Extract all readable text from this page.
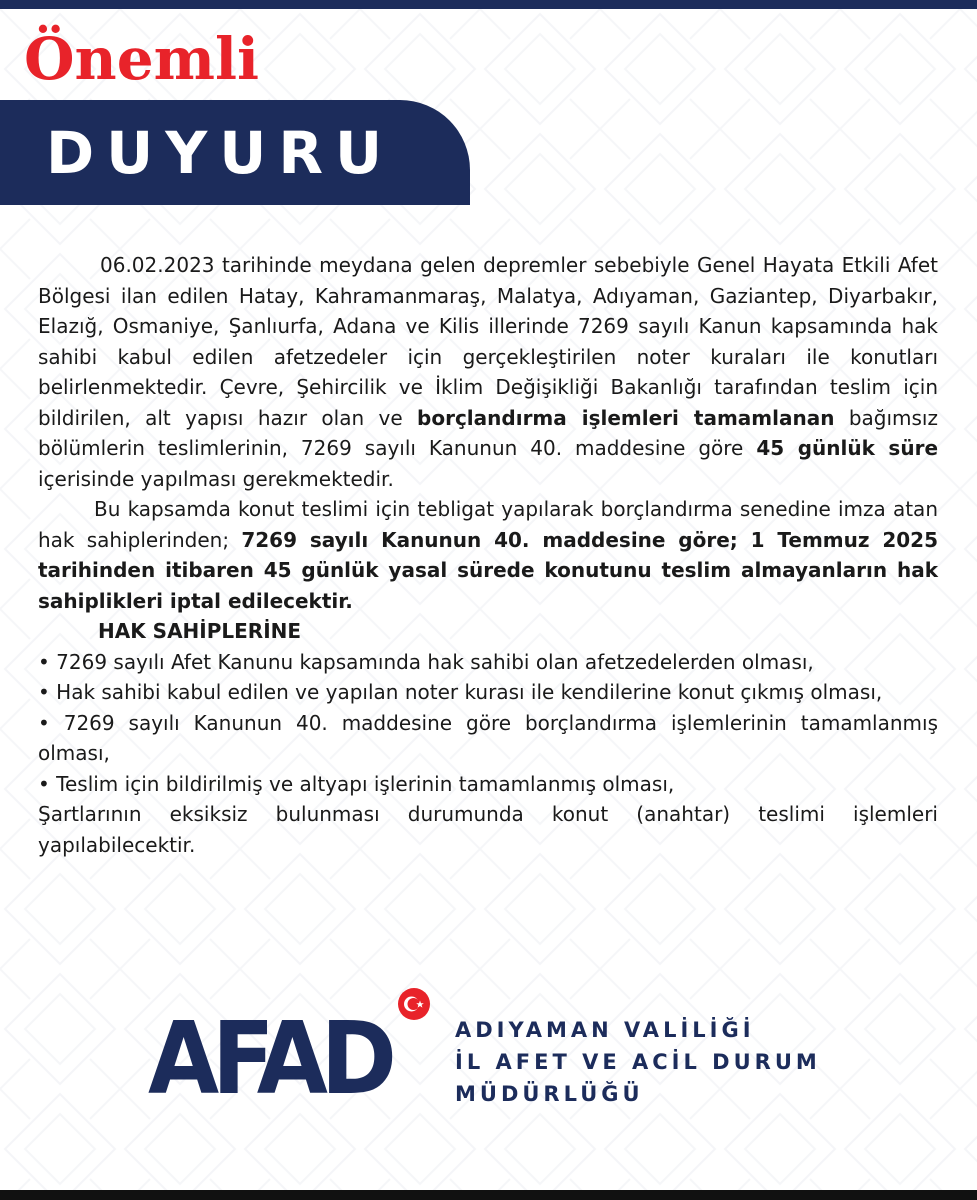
Önemli
DUYURU

06.02.2023 tarihinde meydana gelen depremler sebebiyle Genel Hayata Etkili Afet Bölgesi ilan edilen Hatay, Kahramanmaraş, Malatya, Adıyaman, Gaziantep, Diyarbakır, Elazığ, Osmaniye, Şanlıurfa, Adana ve Kilis illerinde 7269 sayılı Kanun kapsamında hak sahibi kabul edilen afetzedeler için gerçekleştirilen noter kuraları ile konutları belirlenmektedir. Çevre, Şehircilik ve İklim Değişikliği Bakanlığı tarafından teslim için bildirilen, alt yapısı hazır olan ve borçlandırma işlemleri tamamlanan bağımsız bölümlerin teslimlerinin, 7269 sayılı Kanunun 40. maddesine göre 45 günlük süre içerisinde yapılması gerekmektedir.

Bu kapsamda konut teslimi için tebligat yapılarak borçlandırma senedine imza atan hak sahiplerinden; 7269 sayılı Kanunun 40. maddesine göre; 1 Temmuz 2025 tarihinden itibaren 45 günlük yasal sürede konutunu teslim almayanların hak sahiplikleri iptal edilecektir.

HAK SAHİPLERİNE

• 7269 sayılı Afet Kanunu kapsamında hak sahibi olan afetzedelerden olması,

• Hak sahibi kabul edilen ve yapılan noter kurası ile kendilerine konut çıkmış olması,

• 7269 sayılı Kanunun 40. maddesine göre borçlandırma işlemlerinin tamamlanmış olması,

• Teslim için bildirilmiş ve altyapı işlerinin tamamlanmış olması,

Şartlarının eksiksiz bulunması durumunda konut (anahtar) teslimi işlemleri yapılabilecektir.

AFAD	ADIYAMAN VALİLİĞİ
İL AFET VE ACİL DURUM
MÜDÜRLÜĞÜ
